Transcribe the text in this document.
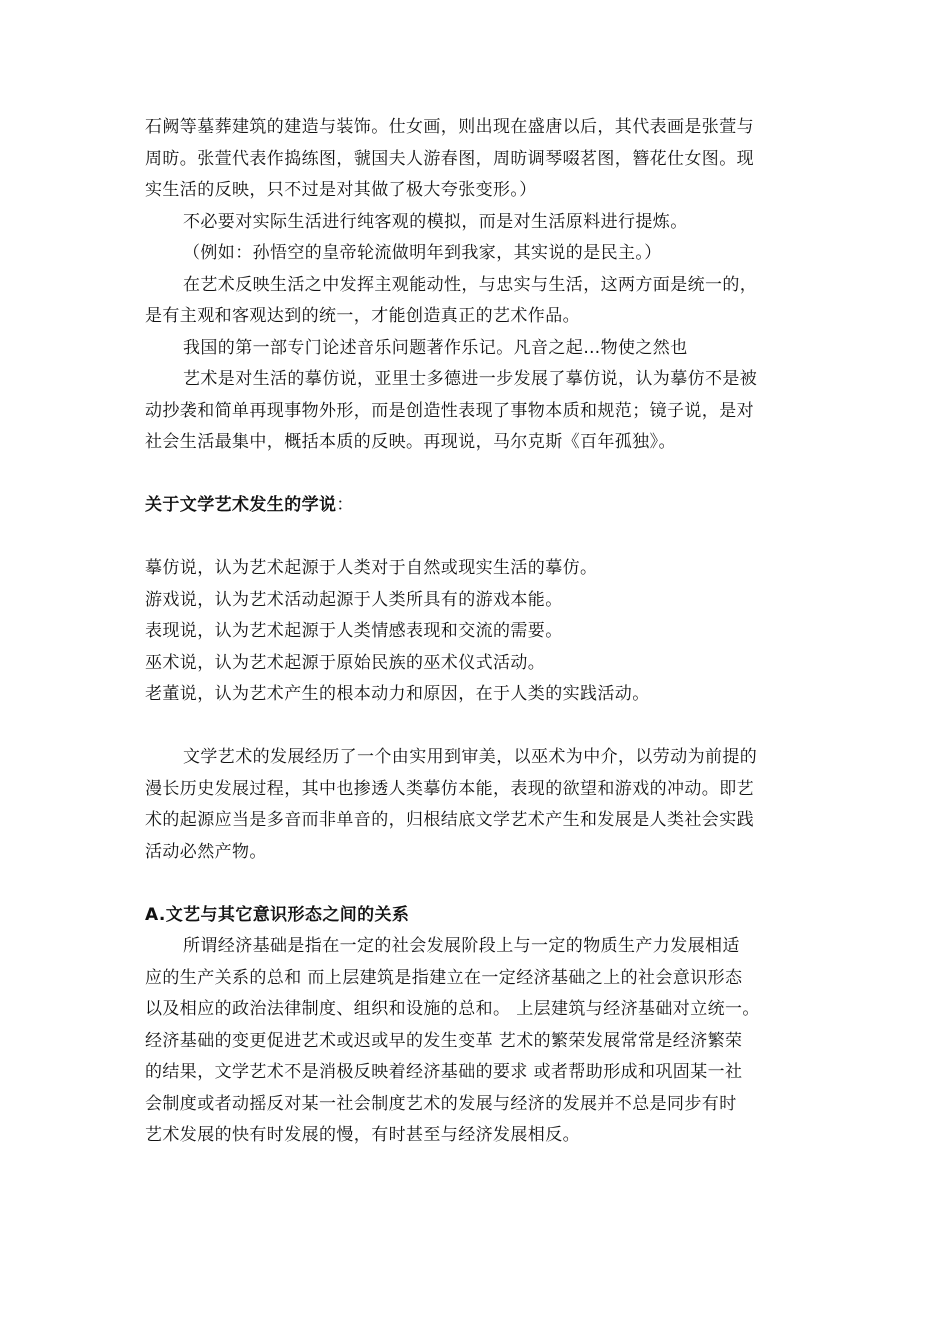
石阙等墓葬建筑的建造与装饰。仕女画，则出现在盛唐以后，其代表画是张萱与
周昉。张萱代表作捣练图，虢国夫人游春图，周昉调琴啜茗图，簪花仕女图。现
实生活的反映，只不过是对其做了极大夸张变形。）
不必要对实际生活进行纯客观的模拟，而是对生活原料进行提炼。
（例如：孙悟空的皇帝轮流做明年到我家，其实说的是民主。）
在艺术反映生活之中发挥主观能动性，与忠实与生活，这两方面是统一的，
是有主观和客观达到的统一，才能创造真正的艺术作品。
我国的第一部专门论述音乐问题著作乐记。凡音之起…物使之然也
艺术是对生活的摹仿说，亚里士多德进一步发展了摹仿说，认为摹仿不是被
动抄袭和简单再现事物外形，而是创造性表现了事物本质和规范；镜子说，是对
社会生活最集中，概括本质的反映。再现说，马尔克斯《百年孤独》。
关于文学艺术发生的学说：
摹仿说，认为艺术起源于人类对于自然或现实生活的摹仿。
游戏说，认为艺术活动起源于人类所具有的游戏本能。
表现说，认为艺术起源于人类情感表现和交流的需要。
巫术说，认为艺术起源于原始民族的巫术仪式活动。
老董说，认为艺术产生的根本动力和原因，在于人类的实践活动。
文学艺术的发展经历了一个由实用到审美，以巫术为中介，以劳动为前提的
漫长历史发展过程，其中也掺透人类摹仿本能，表现的欲望和游戏的冲动。即艺
术的起源应当是多音而非单音的，归根结底文学艺术产生和发展是人类社会实践
活动必然产物。
A.文艺与其它意识形态之间的关系
所谓经济基础是指在一定的社会发展阶段上与一定的物质生产力发展相适
应的生产关系的总和 而上层建筑是指建立在一定经济基础之上的社会意识形态
以及相应的政治法律制度、组织和设施的总和。 上层建筑与经济基础对立统一。
经济基础的变更促进艺术或迟或早的发生变革 艺术的繁荣发展常常是经济繁荣
的结果，文学艺术不是消极反映着经济基础的要求 或者帮助形成和巩固某一社
会制度或者动摇反对某一社会制度艺术的发展与经济的发展并不总是同步有时
艺术发展的快有时发展的慢，有时甚至与经济发展相反。
